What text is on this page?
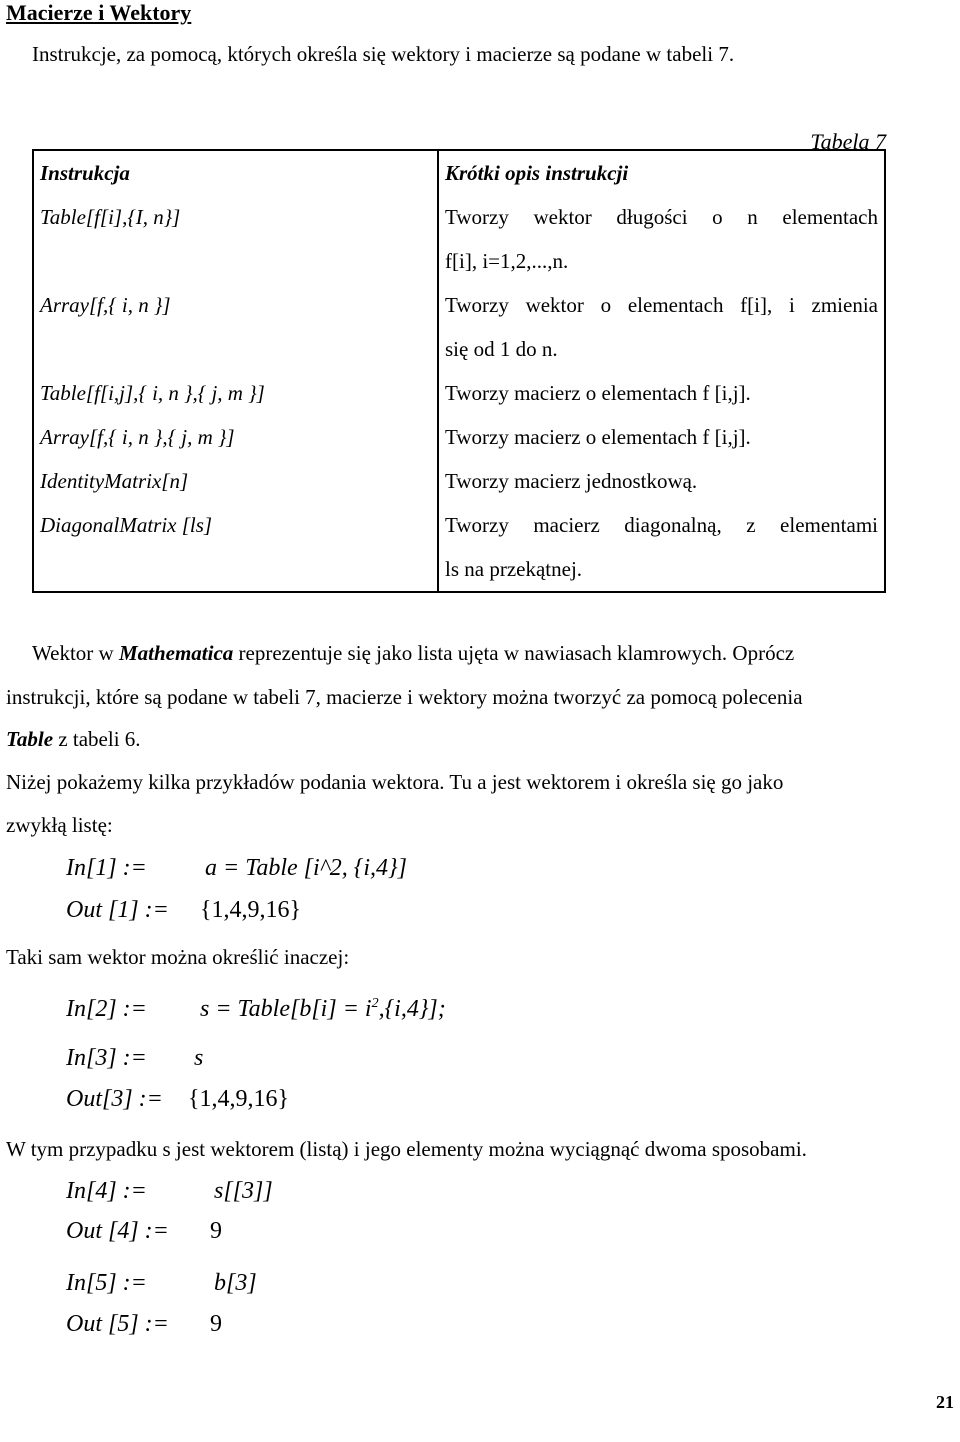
Macierze i Wektory
Instrukcje, za pomocą, których określa się wektory i macierze są podane w tabeli 7.
Tabela 7
Instrukcja	Krótki opis instrukcji
Table[f[i],{I, n}]	Tworzy wektor długości o n elementach
f[i], i=1,2,...,n.

Array[f,{ i, n }]	Tworzy wektor o elementach f[i], i zmienia
się od 1 do n.

Table[f[i,j],{ i, n },{ j, m }]	Tworzy macierz o elementach f [i,j].
Array[f,{ i, n },{ j, m }]	Tworzy macierz o elementach f [i,j].
IdentityMatrix[n]	Tworzy macierz jednostkową.
DiagonalMatrix [ls]	Tworzy macierz diagonalną, z elementami
ls na przekątnej.
Wektor w Mathematica reprezentuje się jako lista ujęta w nawiasach klamrowych. Oprócz
instrukcji, które są podane w tabeli 7, macierze i wektory można tworzyć za pomocą polecenia
Table z tabeli 6.
Niżej pokażemy kilka przykładów podania wektora. Tu a jest wektorem i określa się go jako
zwykłą listę:
In[1] := a = Table [i^2, {i,4}]
Out [1] := {1,4,9,16}
Taki sam wektor można określić inaczej:
In[2] := s = Table[b[i] = $i^2,\{i,4\}$];
In[3] := s
Out[3] := {1,4,9,16}
W tym przypadku s jest wektorem (listą) i jego elementy można wyciągnąć dwoma sposobami.
In[4] :=	s[[3]]
Out [4] := 9
In[5] :=	b[3]
Out [5] := 9
21
